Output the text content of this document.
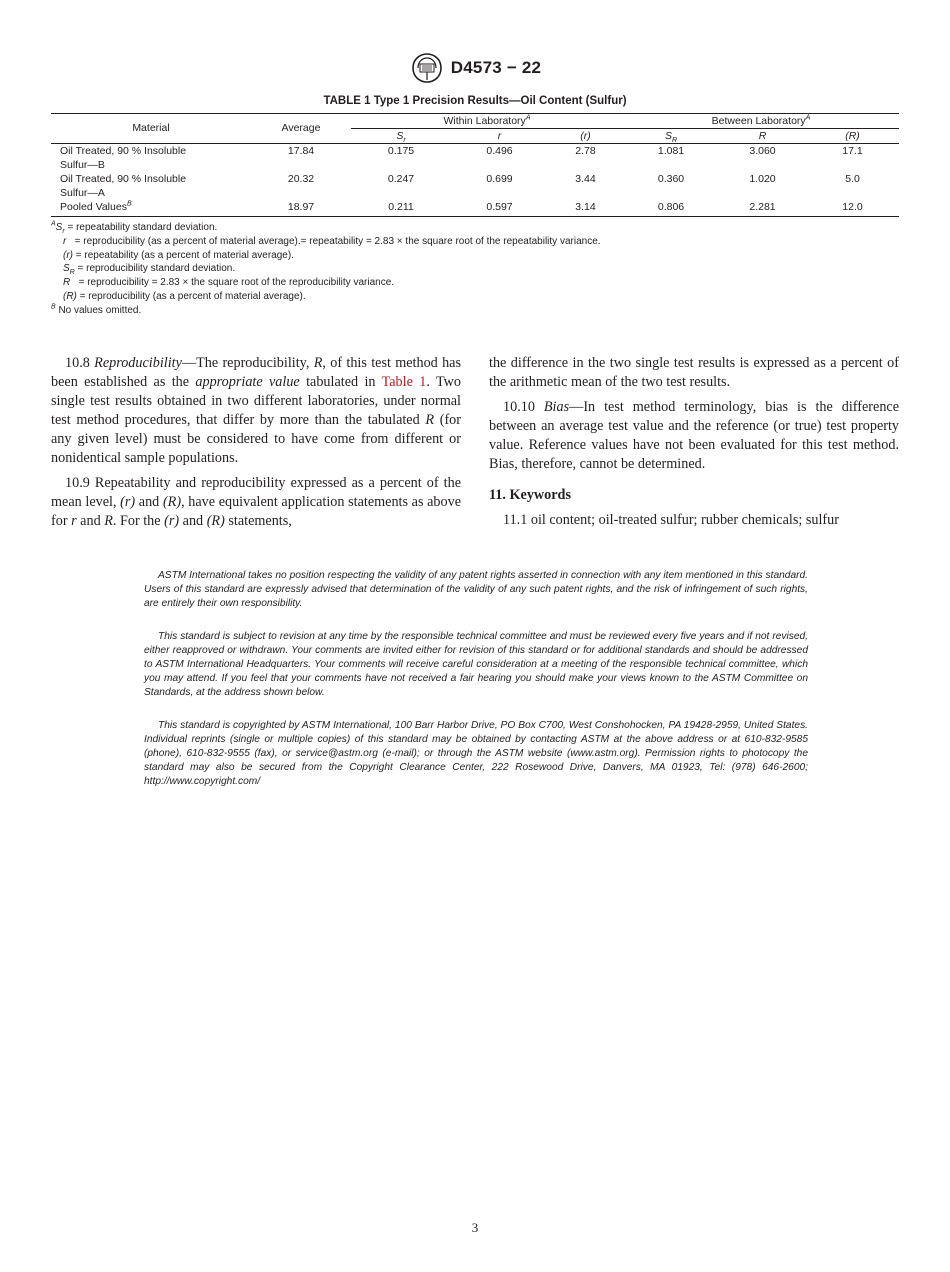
D4573 − 22
TABLE 1 Type 1 Precision Results—Oil Content (Sulfur)
Material	Average	Within Laboratory$^A$			Between Laboratory$^A$
		$S_r$	r	(r)	$S_R$	R	(R)
Oil Treated, 90 % Insoluble
Sulfur—B	17.84	0.175	0.496	2.78	1.081	3.060	17.1
Oil Treated, 90 % Insoluble
Sulfur—A	20.32	0.247	0.699	3.44	0.360	1.020	5.0
Pooled Values$^B$	18.97	0.211	0.597	3.14	0.806	2.281	12.0
$^AS_r$ = repeatability standard deviation.
r   = reproducibility (as a percent of material average).= repeatability = 2.83 × the square root of the repeatability variance.
(r) = repeatability (as a percent of material average).
$S_R$ = reproducibility standard deviation.
R   = reproducibility = 2.83 × the square root of the reproducibility variance.
(R) = reproducibility (as a percent of material average).
$^B$ No values omitted.

10.8 Reproducibility—The reproducibility, R, of this test method has been established as the appropriate value tabulated in Table 1. Two single test results obtained in two different laboratories, under normal test method procedures, that differ by more than the tabulated R (for any given level) must be considered to have come from different or nonidentical sample populations.

10.9 Repeatability and reproducibility expressed as a percent of the mean level, (r) and (R), have equivalent application statements as above for r and R. For the (r) and (R) statements,

the difference in the two single test results is expressed as a percent of the arithmetic mean of the two test results.

10.10 Bias—In test method terminology, bias is the difference between an average test value and the reference (or true) test property value. Reference values have not been evaluated for this test method. Bias, therefore, cannot be determined.

11. Keywords

11.1 oil content; oil-treated sulfur; rubber chemicals; sulfur

ASTM International takes no position respecting the validity of any patent rights asserted in connection with any item mentioned in this standard. Users of this standard are expressly advised that determination of the validity of any such patent rights, and the risk of infringement of such rights, are entirely their own responsibility.

This standard is subject to revision at any time by the responsible technical committee and must be reviewed every five years and if not revised, either reapproved or withdrawn. Your comments are invited either for revision of this standard or for additional standards and should be addressed to ASTM International Headquarters. Your comments will receive careful consideration at a meeting of the responsible technical committee, which you may attend. If you feel that your comments have not received a fair hearing you should make your views known to the ASTM Committee on Standards, at the address shown below.

This standard is copyrighted by ASTM International, 100 Barr Harbor Drive, PO Box C700, West Conshohocken, PA 19428-2959, United States. Individual reprints (single or multiple copies) of this standard may be obtained by contacting ASTM at the above address or at 610-832-9585 (phone), 610-832-9555 (fax), or service@astm.org (e-mail); or through the ASTM website (www.astm.org). Permission rights to photocopy the standard may also be secured from the Copyright Clearance Center, 222 Rosewood Drive, Danvers, MA 01923, Tel: (978) 646-2600; http://www.copyright.com/

3
